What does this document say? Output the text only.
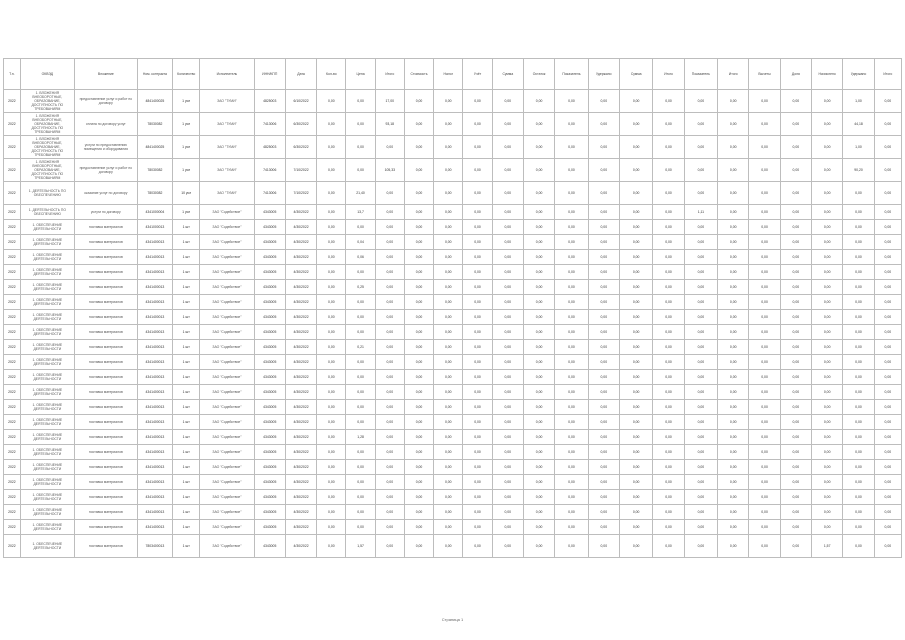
Т.н.	ОКВЭД	Вложение	Ном. контракта	Количество	Исполнитель	ИНН/КПП	Дата	Кол-во	Цена	Итого	Стоимость	Налог	Учёт	Сумма	Остаток	Показатель	Удержано	Сумма	Итого	Показатель	Итого	Вычеты	Доля	Начислено	Удержано	Итого
2022	1. ВЛОЖЕНИЯ ВНЕОБОРОТНЫЕ, ОБРАЗОВАНИЕ, ДОСТУПНОСТЬ ПО ТРЕБОВАНИЯМ	предоставление услуг и работ по договору	4841400025	1 усл	ЗАО "ТУМИ"	4825003	6/10/2022	0,00	0,00	17,00	0,00	0,00	0,00	0,00	0,00	0,00	0,00	0,00	0,00	0,00	0,00	0,00	0,00	0,00	1,00	0,00
2022	1. ВЛОЖЕНИЯ ВНЕОБОРОТНЫЕ, ОБРАЗОВАНИЕ, ДОСТУПНОСТЬ ПО ТРЕБОВАНИЯМ	оплата по договору услуг	78030082	1 усл	ЗАО "ТУМИ"	7413006	6/30/2022	0,00	0,00	93,18	0,00	0,00	0,00	0,00	0,00	0,00	0,00	0,00	0,00	0,00	0,00	0,00	0,00	0,00	44,18	0,00
2022	1. ВЛОЖЕНИЯ ВНЕОБОРОТНЫЕ, ОБРАЗОВАНИЕ, ДОСТУПНОСТЬ ПО ТРЕБОВАНИЯМ	услуги по предоставлению помещения и оборудования	4841400025	1 усл	ЗАО "ТУМИ"	4825003	6/30/2022	0,00	0,00	0,00	0,00	0,00	0,00	0,00	0,00	0,00	0,00	0,00	0,00	0,00	0,00	0,00	0,00	0,00	1,00	0,00
2022	1. ВЛОЖЕНИЯ ВНЕОБОРОТНЫЕ, ОБРАЗОВАНИЕ, ДОСТУПНОСТЬ ПО ТРЕБОВАНИЯМ	предоставление услуг и работ по договору	78030082	1 усл	ЗАО "ТУМИ"	7413006	7/10/2022	0,00	0,00	105,33	0,00	0,00	0,00	0,00	0,00	0,00	0,00	0,00	0,00	0,00	0,00	0,00	0,00	0,00	90,20	0,00
2022	1. ДЕЯТЕЛЬНОСТЬ ПО ОБЕСПЕЧЕНИЮ	оказание услуг по договору	78030082	10 усл	ЗАО "ТУМИ"	7413006	7/10/2022	0,00	21,40	0,00	0,00	0,00	0,00	0,00	0,00	0,00	0,00	0,00	0,00	0,00	0,00	0,00	0,00	0,00	0,00	0,00
2022	1. ДЕЯТЕЛЬНОСТЬ ПО ОБЕСПЕЧЕНИЮ	услуги по договору	4341000004	1 усл	ЗАО "Содействие"	4343005	4/30/2022	0,00	13,7	0,00	0,00	0,00	0,00	0,00	0,00	0,00	0,00	0,00	0,00	1,11	0,00	0,00	0,00	0,00	0,00	0,00
2022	1. ОБЕСПЕЧЕНИЕ ДЕЯТЕЛЬНОСТИ	поставка материалов	4341000013	1 шт	ЗАО "Содействие"	4343005	4/30/2022	0,00	0,00	0,00	0,00	0,00	0,00	0,00	0,00	0,00	0,00	0,00	0,00	0,00	0,00	0,00	0,00	0,00	0,00	0,00
2022	1. ОБЕСПЕЧЕНИЕ ДЕЯТЕЛЬНОСТИ	поставка материалов	4341400013	1 шт	ЗАО "Содействие"	4343005	4/30/2022	0,00	0,04	0,00	0,00	0,00	0,00	0,00	0,00	0,00	0,00	0,00	0,00	0,00	0,00	0,00	0,00	0,00	0,00	0,00
2022	1. ОБЕСПЕЧЕНИЕ ДЕЯТЕЛЬНОСТИ	поставка материалов	4341400013	1 шт	ЗАО "Содействие"	4343005	4/30/2022	0,00	0,06	0,00	0,00	0,00	0,00	0,00	0,00	0,00	0,00	0,00	0,00	0,00	0,00	0,00	0,00	0,00	0,00	0,00
2022	1. ОБЕСПЕЧЕНИЕ ДЕЯТЕЛЬНОСТИ	поставка материалов	4341400013	1 шт	ЗАО "Содействие"	4343005	4/30/2022	0,00	0,00	0,00	0,00	0,00	0,00	0,00	0,00	0,00	0,00	0,00	0,00	0,00	0,00	0,00	0,00	0,00	0,00	0,00
2022	1. ОБЕСПЕЧЕНИЕ ДЕЯТЕЛЬНОСТИ	поставка материалов	4341400013	1 шт	ЗАО "Содействие"	4343005	4/30/2022	0,00	0,25	0,00	0,00	0,00	0,00	0,00	0,00	0,00	0,00	0,00	0,00	0,00	0,00	0,00	0,00	0,00	0,00	0,00
2022	1. ОБЕСПЕЧЕНИЕ ДЕЯТЕЛЬНОСТИ	поставка материалов	4341400013	1 шт	ЗАО "Содействие"	4343005	4/30/2022	0,00	0,00	0,00	0,00	0,00	0,00	0,00	0,00	0,00	0,00	0,00	0,00	0,00	0,00	0,00	0,00	0,00	0,00	0,00
2022	1. ОБЕСПЕЧЕНИЕ ДЕЯТЕЛЬНОСТИ	поставка материалов	4341400013	1 шт	ЗАО "Содействие"	4343005	4/30/2022	0,00	0,00	0,00	0,00	0,00	0,00	0,00	0,00	0,00	0,00	0,00	0,00	0,00	0,00	0,00	0,00	0,00	0,00	0,00
2022	1. ОБЕСПЕЧЕНИЕ ДЕЯТЕЛЬНОСТИ	поставка материалов	4341400013	1 шт	ЗАО "Содействие"	4343005	4/30/2022	0,00	0,00	0,00	0,00	0,00	0,00	0,00	0,00	0,00	0,00	0,00	0,00	0,00	0,00	0,00	0,00	0,00	0,00	0,00
2022	1. ОБЕСПЕЧЕНИЕ ДЕЯТЕЛЬНОСТИ	поставка материалов	4341400013	1 шт	ЗАО "Содействие"	4343005	4/30/2022	0,00	0,21	0,00	0,00	0,00	0,00	0,00	0,00	0,00	0,00	0,00	0,00	0,00	0,00	0,00	0,00	0,00	0,00	0,00
2022	1. ОБЕСПЕЧЕНИЕ ДЕЯТЕЛЬНОСТИ	поставка материалов	4341400013	1 шт	ЗАО "Содействие"	4343005	4/30/2022	0,00	0,00	0,00	0,00	0,00	0,00	0,00	0,00	0,00	0,00	0,00	0,00	0,00	0,00	0,00	0,00	0,00	0,00	0,00
2022	1. ОБЕСПЕЧЕНИЕ ДЕЯТЕЛЬНОСТИ	поставка материалов	4341400013	1 шт	ЗАО "Содействие"	4343005	4/30/2022	0,00	0,00	0,00	0,00	0,00	0,00	0,00	0,00	0,00	0,00	0,00	0,00	0,00	0,00	0,00	0,00	0,00	0,00	0,00
2022	1. ОБЕСПЕЧЕНИЕ ДЕЯТЕЛЬНОСТИ	поставка материалов	4341400013	1 шт	ЗАО "Содействие"	4343005	4/30/2022	0,00	0,00	0,00	0,00	0,00	0,00	0,00	0,00	0,00	0,00	0,00	0,00	0,00	0,00	0,00	0,00	0,00	0,00	0,00
2022	1. ОБЕСПЕЧЕНИЕ ДЕЯТЕЛЬНОСТИ	поставка материалов	4341400013	1 шт	ЗАО "Содействие"	4343005	4/30/2022	0,00	0,00	0,00	0,00	0,00	0,00	0,00	0,00	0,00	0,00	0,00	0,00	0,00	0,00	0,00	0,00	0,00	0,00	0,00
2022	1. ОБЕСПЕЧЕНИЕ ДЕЯТЕЛЬНОСТИ	поставка материалов	4341400013	1 шт	ЗАО "Содействие"	4343005	4/30/2022	0,00	0,00	0,00	0,00	0,00	0,00	0,00	0,00	0,00	0,00	0,00	0,00	0,00	0,00	0,00	0,00	0,00	0,00	0,00
2022	1. ОБЕСПЕЧЕНИЕ ДЕЯТЕЛЬНОСТИ	поставка материалов	4341400013	1 шт	ЗАО "Содействие"	4343005	4/30/2022	0,00	1,28	0,00	0,00	0,00	0,00	0,00	0,00	0,00	0,00	0,00	0,00	0,00	0,00	0,00	0,00	0,00	0,00	0,00
2022	1. ОБЕСПЕЧЕНИЕ ДЕЯТЕЛЬНОСТИ	поставка материалов	4341400013	1 шт	ЗАО "Содействие"	4343005	4/30/2022	0,00	0,00	0,00	0,00	0,00	0,00	0,00	0,00	0,00	0,00	0,00	0,00	0,00	0,00	0,00	0,00	0,00	0,00	0,00
2022	1. ОБЕСПЕЧЕНИЕ ДЕЯТЕЛЬНОСТИ	поставка материалов	4341400013	1 шт	ЗАО "Содействие"	4343005	4/30/2022	0,00	0,00	0,00	0,00	0,00	0,00	0,00	0,00	0,00	0,00	0,00	0,00	0,00	0,00	0,00	0,00	0,00	0,00	0,00
2022	1. ОБЕСПЕЧЕНИЕ ДЕЯТЕЛЬНОСТИ	поставка материалов	4341400013	1 шт	ЗАО "Содействие"	4343005	4/30/2022	0,00	0,00	0,00	0,00	0,00	0,00	0,00	0,00	0,00	0,00	0,00	0,00	0,00	0,00	0,00	0,00	0,00	0,00	0,00
2022	1. ОБЕСПЕЧЕНИЕ ДЕЯТЕЛЬНОСТИ	поставка материалов	4341400013	1 шт	ЗАО "Содействие"	4343005	4/30/2022	0,00	0,00	0,00	0,00	0,00	0,00	0,00	0,00	0,00	0,00	0,00	0,00	0,00	0,00	0,00	0,00	0,00	0,00	0,00
2022	1. ОБЕСПЕЧЕНИЕ ДЕЯТЕЛЬНОСТИ	поставка материалов	4341400013	1 шт	ЗАО "Содействие"	4343005	4/30/2022	0,00	0,00	0,00	0,00	0,00	0,00	0,00	0,00	0,00	0,00	0,00	0,00	0,00	0,00	0,00	0,00	0,00	0,00	0,00
2022	1. ОБЕСПЕЧЕНИЕ ДЕЯТЕЛЬНОСТИ	поставка материалов	4341400013	1 шт	ЗАО "Содействие"	4343005	4/30/2022	0,00	0,00	0,00	0,00	0,00	0,00	0,00	0,00	0,00	0,00	0,00	0,00	0,00	0,00	0,00	0,00	0,00	0,00	0,00
2022	1. ОБЕСПЕЧЕНИЕ ДЕЯТЕЛЬНОСТИ	поставка материалов	7803400013	1 шт	ЗАО "Содействие"	4343005	4/30/2022	0,00	1,57	0,00	0,00	0,00	0,00	0,00	0,00	0,00	0,00	0,00	0,00	0,00	0,00	0,00	0,00	1,57	0,00	0,00
Страница 1
